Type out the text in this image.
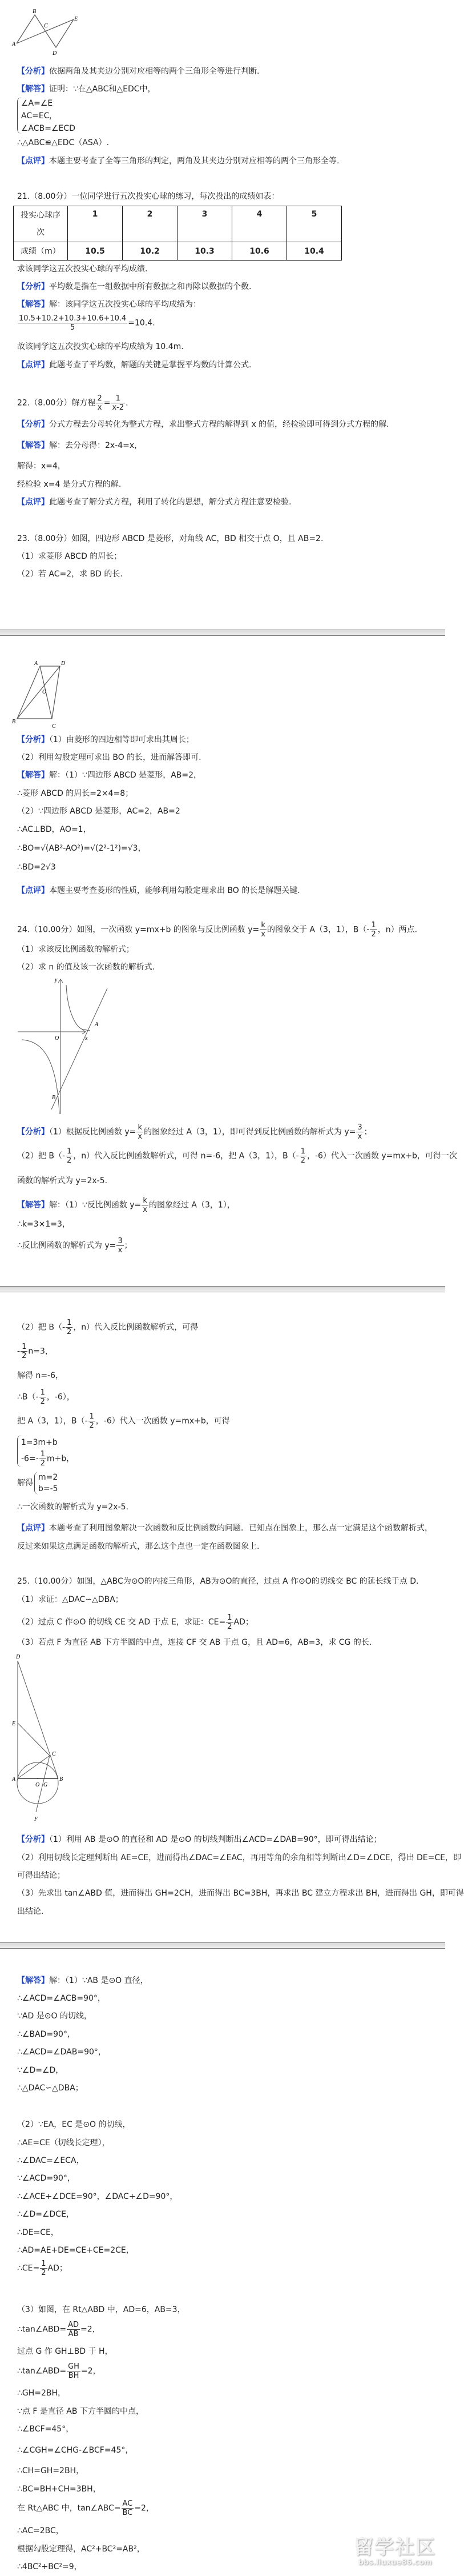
B
C
E
A
D
【分析】依据两角及其夹边分别对应相等的两个三角形全等进行判断.
【解答】证明：∵在△ABC和△EDC中，
∠A=∠E
AC=EC
∠ACB=∠ECD
，
∴△ABC≌△EDC（ASA）.
【点评】本题主要考查了全等三角形的判定，两角及其夹边分别对应相等的两个三角形全等.
21.（8.00分）一位同学进行五次投实心球的练习，每次投出的成绩如表：
投实心球序
次	1	2	3	4	5
成绩（m）	10.5	10.2	10.3	10.6	10.4
求该同学这五次投实心球的平均成绩.
【分析】平均数是指在一组数据中所有数据之和再除以数据的个数.
【解答】解：该同学这五次投实心球的平均成绩为：
$\frac{10.5+10.2+10.3+10.6+10.4}{5} =10.4$.
故该同学这五次投实心球的平均成绩为 10.4m.
【点评】此题考查了平均数，解题的关键是掌握平均数的计算公式.
22.（8.00分）解方程 $\frac{2}{x} = \frac{1}{x-2}$ .
【分析】分式方程去分母转化为整式方程，求出整式方程的解得到 x 的值，经检验即可得到分式方程的解.
【解答】解：去分母得：2x-4=x，
解得：x=4，
经检验 x=4 是分式方程的解.
【点评】此题考查了解分式方程，利用了转化的思想，解分式方程注意要检验.
23.（8.00分）如图，四边形 ABCD 是菱形，对角线 AC，BD 相交于点 O，且 AB=2.
（1）求菱形 ABCD 的周长；
（2）若 AC=2，求 BD 的长.
A	D
O
B
C
【分析】（1）由菱形的四边相等即可求出其周长；
（2）利用勾股定理可求出 BO 的长，进而解答即可.
【解答】解：（1）∵四边形 ABCD 是菱形，AB=2，
∴菱形 ABCD 的周长=2×4=8；
（2）∵四边形 ABCD 是菱形，AC=2，AB=2
∴AC⊥BD，AO=1，
∴BO=√(AB²-AO²)=√(2²-1²)=√3，
∴BD=2√3
【点评】本题主要考查菱形的性质，能够利用勾股定理求出 BO 的长是解题关键.
24.（10.00分）如图，一次函数 y=mx+b 的图象与反比例函数 $y= \frac{k}{x}$ 的图象交于 A（3，1），$B(- \frac{1}{2}$ ，n）两点.
（1）求该反比例函数的解析式；
（2）求 n 的值及该一次函数的解析式.
y
x
O
A
B
【分析】（1）根据反比例函数 $y= \frac{k}{x}$ 的图象经过 A（3，1），即可得到反比例函数的解析式为 $y= \frac{3}{x}$ ；
（2）把 $B(- \frac{1}{2}$ ，n）代入反比例函数解析式，可得 n=-6，把 A（3，1），$B(- \frac{1}{2}$ ，-6）代入一次函数 y=mx+b，可得一次
函数的解析式为 y=2x-5.
【解答】解：（1）∵反比例函数 $y= \frac{k}{x}$ 的图象经过 A（3，1），
∴k=3×1=3，
∴反比例函数的解析式为 $y= \frac{3}{x}$ ；
（2）把 $B(- \frac{1}{2}$ ，n）代入反比例函数解析式，可得
- $\frac{1}{2} n=3$，
解得 n=-6，
∴B（- $\frac{1}{2}$ ，-6），
把 A（3，1），$B(- \frac{1}{2}$ ，-6）代入一次函数 y=mx+b，可得
1=3m+b
$-6=- \frac{1}{2} m+b$，
解得
m=2
b=-5
∴一次函数的解析式为 y=2x-5.
【点评】本题考查了利用图象解决一次函数和反比例函数的问题．已知点在图象上，那么点一定满足这个函数解析式，
反过来如果这点满足函数的解析式，那么这个点也一定在函数图象上.
25.（10.00分）如图，△ABC为⊙O的内接三角形，AB为⊙O的直径，过点 A 作⊙O的切线交 BC 的延长线于点 D.
（1）求证：△DAC∽△DBA；
（2）过点 C 作⊙O 的切线 CE 交 AD 于点 E，求证：$CE= \frac{1}{2}$ AD；
（3）若点 F 为直径 AB 下方半圆的中点，连接 CF 交 AB 于点 G，且 AD=6，AB=3，求 CG 的长.
D
E
C
A
O G
B
F
【分析】（1）利用 AB 是⊙O 的直径和 AD 是⊙O 的切线判断出∠ACD=∠DAB=90°，即可得出结论；
（2）利用切线长定理判断出 AE=CE，进而得出∠DAC=∠EAC，再用等角的余角相等判断出∠D=∠DCE，得出 DE=CE，即
可得出结论；
（3）先求出 tan∠ABD 值，进而得出 GH=2CH，进而得出 BC=3BH，再求出 BC 建立方程求出 BH，进而得出 GH，即可得
出结论.
【解答】解：（1）∵AB 是⊙O 直径，
∴∠ACD=∠ACB=90°，
∵AD 是⊙O 的切线，
∴∠BAD=90°，
∴∠ACD=∠DAB=90°，
∵∠D=∠D，
∴△DAC∽△DBA；
（2）∵EA，EC 是⊙O 的切线，
∴AE=CE（切线长定理），
∴∠DAC=∠ECA，
∵∠ACD=90°，
∴∠ACE+∠DCE=90°，∠DAC+∠D=90°，
∴∠D=∠DCE，
∴DE=CE，
∴AD=AE+DE=CE+CE=2CE，
∴CE= $\frac{1}{2}$ AD；
（3）如图，在 Rt△ABD 中，AD=6，AB=3，
∴tan∠ABD= $\frac{AD}{AB} =2$，
过点 G 作 GH⊥BD 于 H，
∴tan∠ABD= $\frac{GH}{BH} =2$，
∴GH=2BH，
∵点 F 是直径 AB 下方半圆的中点，
∴∠BCF=45°，
∴∠CGH=∠CHG-∠BCF=45°，
∴CH=GH=2BH，
∴BC=BH+CH=3BH，
在 Rt△ABC 中，tan∠ABC= $\frac{AC}{BC} =2$，
∴AC=2BC，
根据勾股定理得，AC²+BC²=AB²，
∴4BC²+BC²=9，
留学社区
bbs.liuxue86.com
